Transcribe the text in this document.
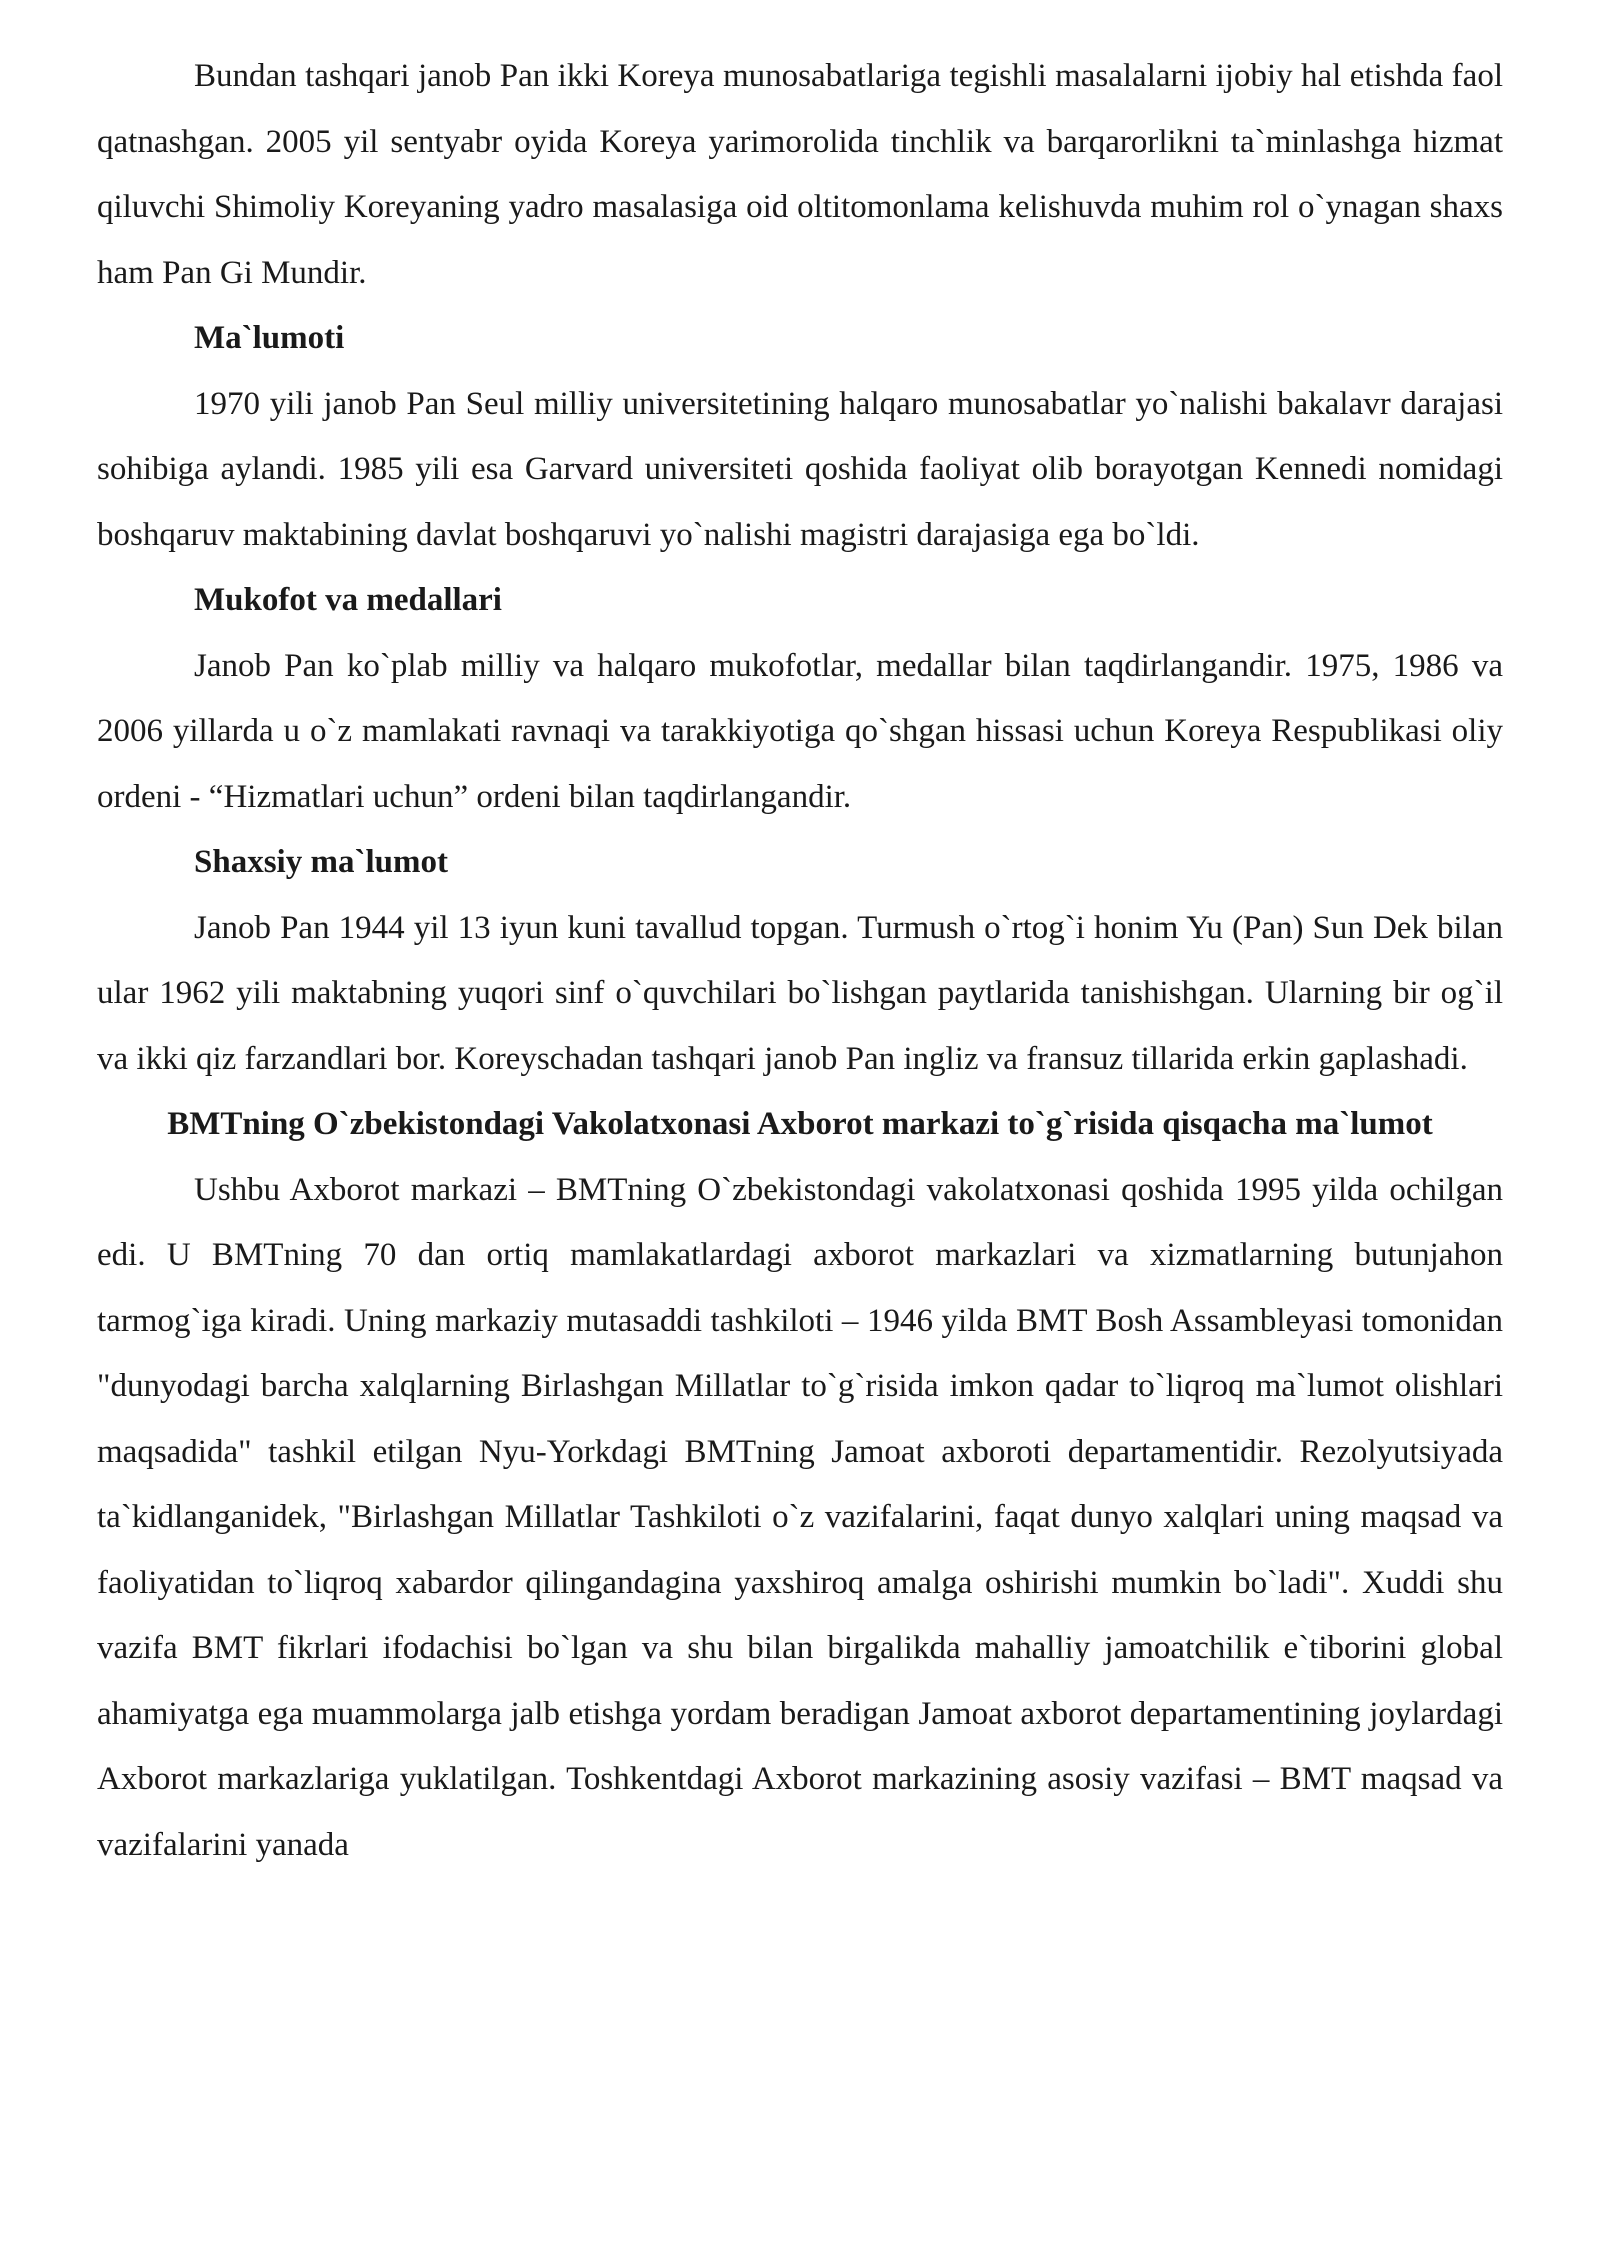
Bundan tashqari janob Pan ikki Koreya munosabatlariga tegishli masalalarni ijobiy hal etishda faol qatnashgan. 2005 yil sentyabr oyida Koreya yarimorolida tinchlik va barqarorlikni ta`minlashga hizmat qiluvchi Shimoliy Koreyaning yadro masalasiga oid oltitomonlama kelishuvda muhim rol o`ynagan shaxs ham Pan Gi Mundir.

Ma`lumoti

1970 yili janob Pan Seul milliy universitetining halqaro munosabatlar yo`nalishi bakalavr darajasi sohibiga aylandi. 1985 yili esa Garvard universiteti qoshida faoliyat olib borayotgan Kennedi nomidagi boshqaruv maktabining davlat boshqaruvi yo`nalishi magistri darajasiga ega bo`ldi.

Mukofot va medallari

Janob Pan ko`plab milliy va halqaro mukofotlar, medallar bilan taqdirlangandir. 1975, 1986 va 2006 yillarda u o`z mamlakati ravnaqi va tarakkiyotiga qo`shgan hissasi uchun Koreya Respublikasi oliy ordeni - “Hizmatlari uchun” ordeni bilan taqdirlangandir.

Shaxsiy ma`lumot

Janob Pan 1944 yil 13 iyun kuni tavallud topgan. Turmush o`rtog`i honim Yu (Pan) Sun Dek bilan ular 1962 yili maktabning yuqori sinf o`quvchilari bo`lishgan paytlarida tanishishgan. Ularning bir og`il va ikki qiz farzandlari bor. Koreyschadan tashqari janob Pan ingliz va fransuz tillarida erkin gaplashadi.

BMTning O`zbekistondagi Vakolatxonasi Axborot markazi to`g`risida qisqacha ma`lumot

Ushbu Axborot markazi – BMTning O`zbekistondagi vakolatxonasi qoshida 1995 yilda ochilgan edi. U BMTning 70 dan ortiq mamlakatlardagi axborot markazlari va xizmatlarning butunjahon tarmog`iga kiradi. Uning markaziy mutasaddi tashkiloti – 1946 yilda BMT Bosh Assambleyasi tomonidan "dunyodagi barcha xalqlarning Birlashgan Millatlar to`g`risida imkon qadar to`liqroq ma`lumot olishlari maqsadida" tashkil etilgan Nyu-Yorkdagi BMTning Jamoat axboroti departamentidir. Rezolyutsiyada ta`kidlanganidek, "Birlashgan Millatlar Tashkiloti o`z vazifalarini, faqat dunyo xalqlari uning maqsad va faoliyatidan to`liqroq xabardor qilingandagina yaxshiroq amalga oshirishi mumkin bo`ladi". Xuddi shu vazifa BMT fikrlari ifodachisi bo`lgan va shu bilan birgalikda mahalliy jamoatchilik e`tiborini global ahamiyatga ega muammolarga jalb etishga yordam beradigan Jamoat axborot departamentining joylardagi Axborot markazlariga yuklatilgan. Toshkentdagi Axborot markazining asosiy vazifasi – BMT maqsad va vazifalarini yanada
